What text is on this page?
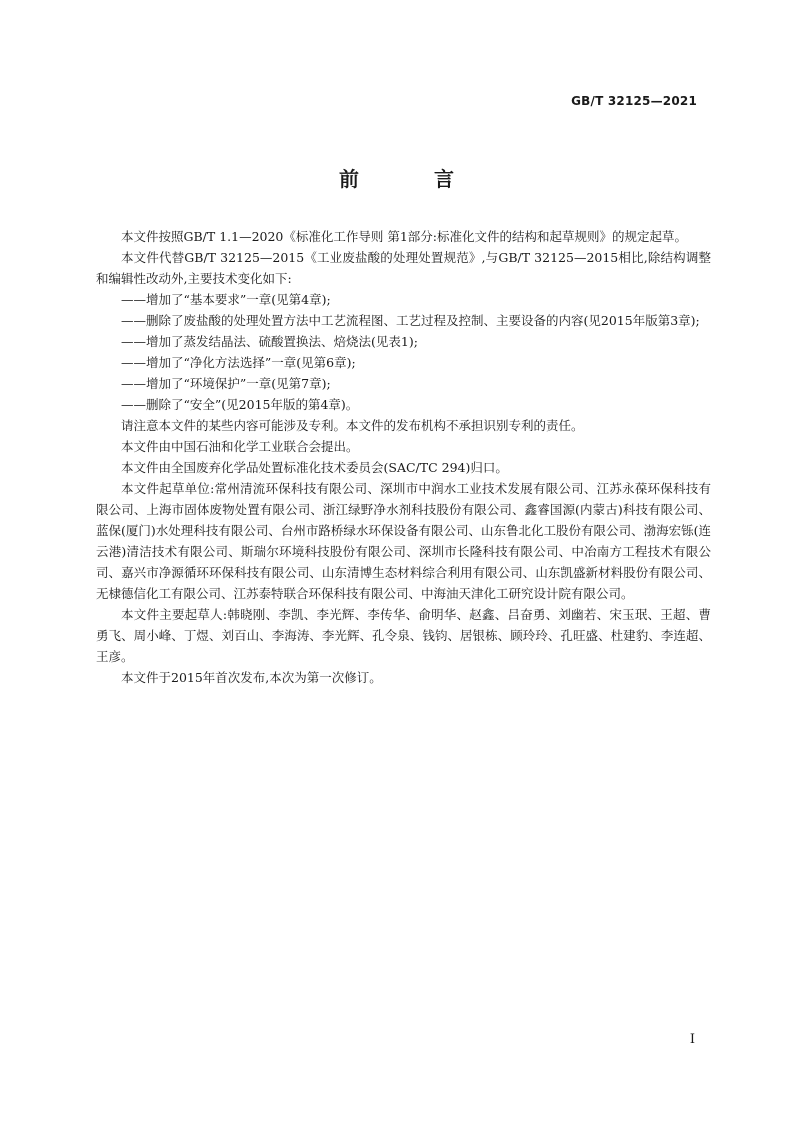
GB/T 32125—2021
前 言

本文件按照GB/T 1.1—2020《标准化工作导则 第1部分:标准化文件的结构和起草规则》的规定起草。

本文件代替GB/T 32125—2015《工业废盐酸的处理处置规范》,与GB/T 32125—2015相比,除结构调整和编辑性改动外,主要技术变化如下:

——增加了“基本要求”一章(见第4章);

——删除了废盐酸的处理处置方法中工艺流程图、工艺过程及控制、主要设备的内容(见2015年版第3章);

——增加了蒸发结晶法、硫酸置换法、焙烧法(见表1);

——增加了“净化方法选择”一章(见第6章);

——增加了“环境保护”一章(见第7章);

——删除了“安全”(见2015年版的第4章)。

请注意本文件的某些内容可能涉及专利。本文件的发布机构不承担识别专利的责任。

本文件由中国石油和化学工业联合会提出。

本文件由全国废弃化学品处置标准化技术委员会(SAC/TC 294)归口。

本文件起草单位:常州清流环保科技有限公司、深圳市中润水工业技术发展有限公司、江苏永葆环保科技有限公司、上海市固体废物处置有限公司、浙江绿野净水剂科技股份有限公司、鑫睿国源(内蒙古)科技有限公司、蓝保(厦门)水处理科技有限公司、台州市路桥绿水环保设备有限公司、山东鲁北化工股份有限公司、渤海宏铄(连云港)清洁技术有限公司、斯瑞尔环境科技股份有限公司、深圳市长隆科技有限公司、中冶南方工程技术有限公司、嘉兴市净源循环环保科技有限公司、山东清博生态材料综合利用有限公司、山东凯盛新材料股份有限公司、无棣德信化工有限公司、江苏泰特联合环保科技有限公司、中海油天津化工研究设计院有限公司。

本文件主要起草人:韩晓刚、李凯、李光辉、李传华、俞明华、赵鑫、吕奋勇、刘幽若、宋玉珉、王超、曹勇飞、周小峰、丁煜、刘百山、李海涛、李光辉、孔令泉、钱钧、居银栋、顾玲玲、孔旺盛、杜建豹、李连超、王彦。

本文件于2015年首次发布,本次为第一次修订。

I
